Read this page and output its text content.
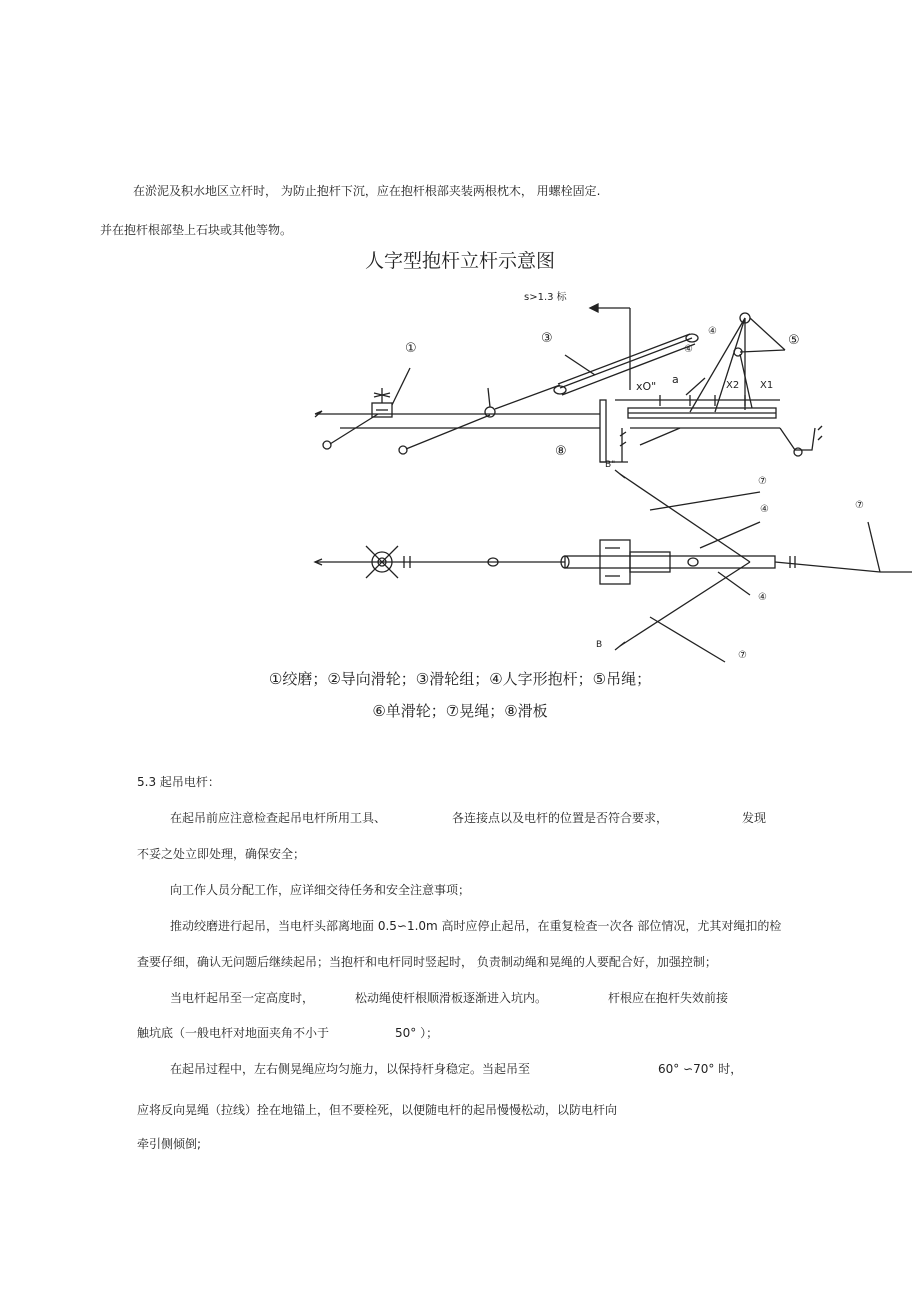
在淤泥及积水地区立杆时， 为防止抱杆下沉，应在抱杆根部夹装两根枕木， 用螺栓固定.
并在抱杆根部垫上石块或其他等物。
人字型抱杆立杆示意图
s>1.3 标
①
③	④
④
⑤
xO"
a	X2 X1
⑧
B"
⑦
④	⑦
④
B
⑦
①绞磨；②导向滑轮；③滑轮组；④人字形抱杆；⑤吊绳；
⑥单滑轮；⑦晃绳；⑧滑板
5.3 起吊电杆：
在起吊前应注意检查起吊电杆所用工具、	各连接点以及电杆的位置是否符合要求，	发现
不妥之处立即处理，确保安全；
向工作人员分配工作，应详细交待任务和安全注意事项；
推动绞磨进行起吊，当电杆头部离地面 0.5∽1.0m 高时应停止起吊，在重复检查一次各 部位情况，尤其对绳扣的检
查要仔细，确认无问题后继续起吊；当抱杆和电杆同时竖起时， 负责制动绳和晃绳的人要配合好，加强控制；
当电杆起吊至一定高度时，	松动绳使杆根顺滑板逐渐进入坑内。	杆根应在抱杆失效前接
触坑底（一般电杆对地面夹角不小于	50° ）；
在起吊过程中，左右侧晃绳应均匀施力，以保持杆身稳定。当起吊至	60° ∽70° 时，
应将反向晃绳（拉线）拴在地锚上，但不要栓死，以便随电杆的起吊慢慢松动，以防电杆向
牵引侧倾倒;
